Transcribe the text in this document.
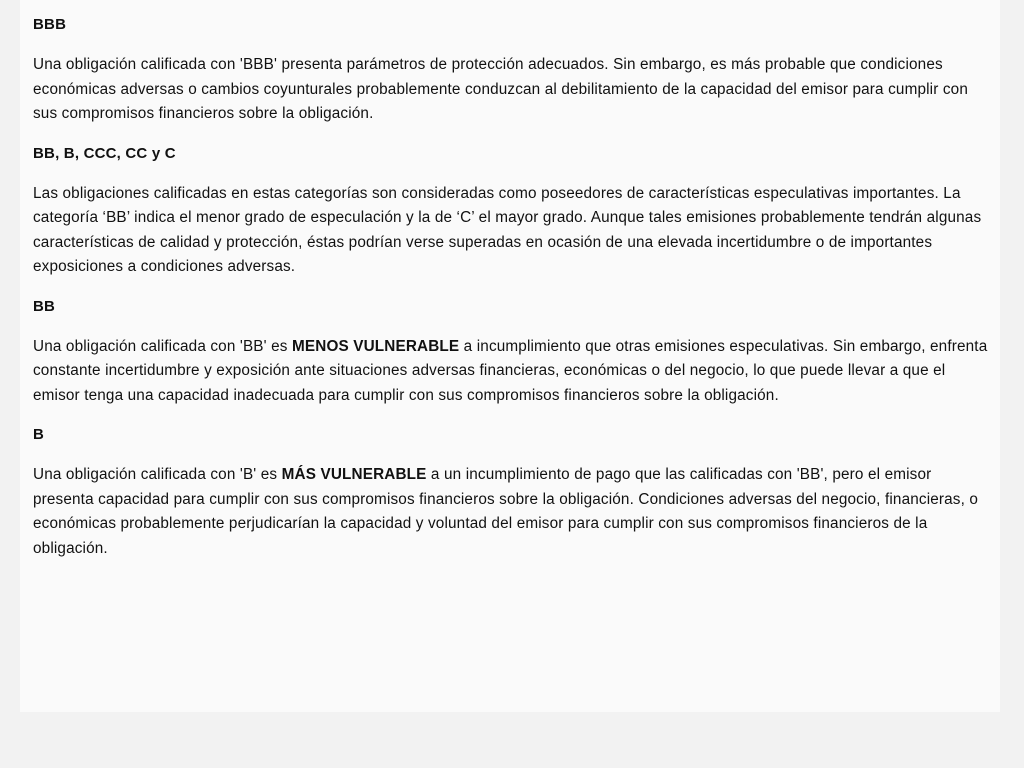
BBB

Una obligación calificada con 'BBB' presenta parámetros de protección adecuados. Sin embargo, es más probable que condiciones económicas adversas o cambios coyunturales probablemente conduzcan al debilitamiento de la capacidad del emisor para cumplir con sus compromisos financieros sobre la obligación.

BB, B, CCC, CC y C

Las obligaciones calificadas en estas categorías son consideradas como poseedores de características especulativas importantes. La categoría ‘BB’ indica el menor grado de especulación y la de ‘C’ el mayor grado. Aunque tales emisiones probablemente tendrán algunas características de calidad y protección, éstas podrían verse superadas en ocasión de una elevada incertidumbre o de importantes exposiciones a condiciones adversas.

BB

Una obligación calificada con 'BB' es MENOS VULNERABLE a incumplimiento que otras emisiones especulativas. Sin embargo, enfrenta constante incertidumbre y exposición ante situaciones adversas financieras, económicas o del negocio, lo que puede llevar a que el emisor tenga una capacidad inadecuada para cumplir con sus compromisos financieros sobre la obligación.

B

Una obligación calificada con 'B' es MÁS VULNERABLE a un incumplimiento de pago que las calificadas con 'BB', pero el emisor presenta capacidad para cumplir con sus compromisos financieros sobre la obligación. Condiciones adversas del negocio, financieras, o económicas probablemente perjudicarían la capacidad y voluntad del emisor para cumplir con sus compromisos financieros de la obligación.
